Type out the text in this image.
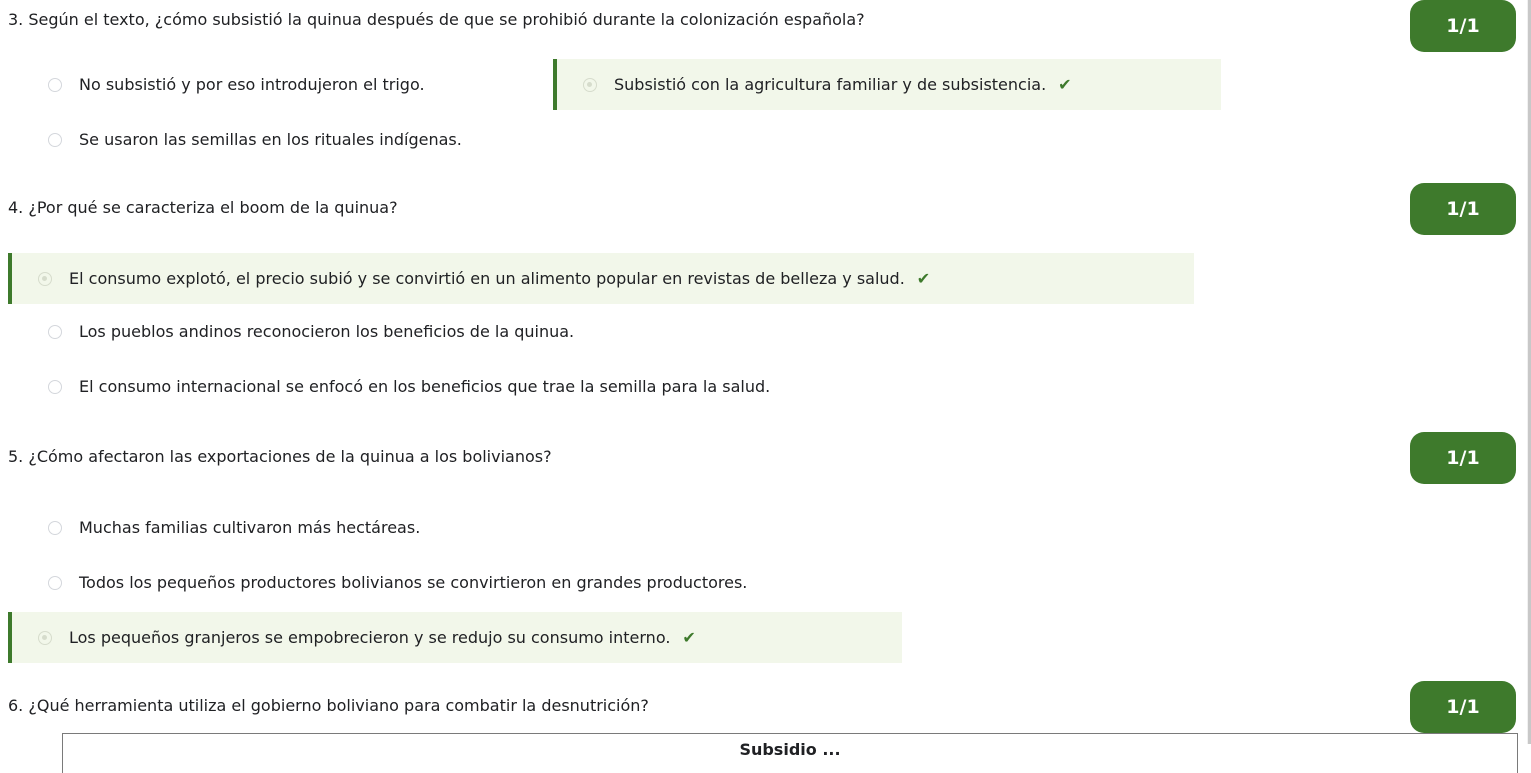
3. Según el texto, ¿cómo subsistió la quinua después de que se prohibió durante la colonización española?	1/1
No subsistió y por eso introdujeron el trigo.	Subsistió con la agricultura familiar y de subsistencia. ✔
Se usaron las semillas en los rituales indígenas.
4. ¿Por qué se caracteriza el boom de la quinua?	1/1
El consumo explotó, el precio subió y se convirtió en un alimento popular en revistas de belleza y salud. ✔
Los pueblos andinos reconocieron los beneficios de la quinua.
El consumo internacional se enfocó en los beneficios que trae la semilla para la salud.
5. ¿Cómo afectaron las exportaciones de la quinua a los bolivianos?	1/1
Muchas familias cultivaron más hectáreas.
Todos los pequeños productores bolivianos se convirtieron en grandes productores.
Los pequeños granjeros se empobrecieron y se redujo su consumo interno. ✔
6. ¿Qué herramienta utiliza el gobierno boliviano para combatir la desnutrición?	1/1
Subsidio ...
